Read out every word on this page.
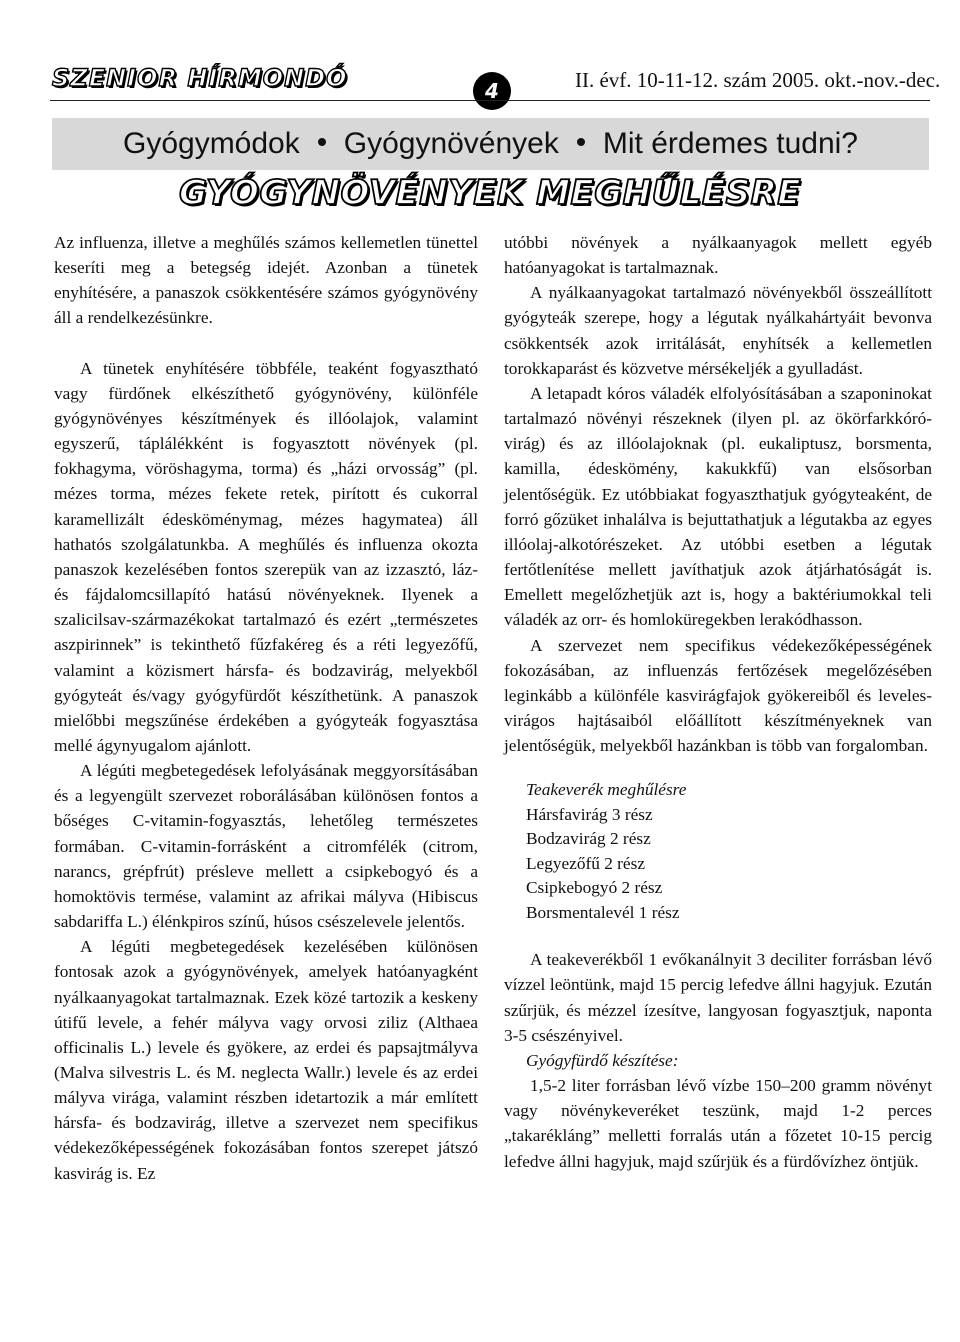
SZENIOR HÍRMONDÓ	4	II. évf. 10-11-12. szám 2005. okt.-nov.-dec.
Gyógymódok Gyógynövények Mit érdemes tudni?
GYÓGYNÖVÉNYEK MEGHŰLÉSRE

Az influenza, illetve a meghűlés számos kellemetlen tünettel keseríti meg a betegség idejét. Azonban a tünetek enyhítésére, a panaszok csökkentésére számos gyógynövény áll a rendelkezésünkre.

A tünetek enyhítésére többféle, teaként fogyasztható vagy fürdőnek elkészíthető gyógynövény, különféle gyógynövényes készítmények és illóolajok, valamint egyszerű, táplálékként is fogyasztott növények (pl. fokhagyma, vöröshagyma, torma) és „házi orvosság” (pl. mézes torma, mézes fekete retek, pirított és cukorral karamellizált édesköménymag, mézes hagymatea) áll hathatós szolgálatunkba. A meghűlés és influenza okozta panaszok kezelésében fontos szerepük van az izzasztó, láz- és fájdalomcsillapító hatású növényeknek. Ilyenek a szalicilsav-származékokat tartalmazó és ezért „természetes aszpirinnek” is tekinthető fűzfakéreg és a réti legyezőfű, valamint a közismert hársfa- és bodzavirág, melyekből gyógyteát és/vagy gyógyfürdőt készíthetünk. A panaszok mielőbbi megszűnése érdekében a gyógyteák fogyasztása mellé ágynyugalom ajánlott.

A légúti megbetegedések lefolyásának meggyorsításában és a legyengült szervezet roborálásában különösen fontos a bőséges C-vitamin-fogyasztás, lehetőleg természetes formában. C-vitamin-forrásként a citromfélék (citrom, narancs, grépfrút) présleve mellett a csipkebogyó és a homoktövis termése, valamint az afrikai mályva (Hibiscus sabdariffa L.) élénkpiros színű, húsos csészelevele jelentős.

A légúti megbetegedések kezelésében különösen fontosak azok a gyógynövények, amelyek hatóanyagként nyálkaanyagokat tartalmaznak. Ezek közé tartozik a keskeny útifű levele, a fehér mályva vagy orvosi ziliz (Althaea officinalis L.) levele és gyökere, az erdei és papsajtmályva (Malva silvestris L. és M. neglecta Wallr.) levele és az erdei mályva virága, valamint részben idetartozik a már említett hársfa- és bodzavirág, illetve a szervezet nem specifikus védekezőképességének fokozásában fontos szerepet játszó kasvirág is. Ez

utóbbi növények a nyálkaanyagok mellett egyéb hatóanyagokat is tartalmaznak.

A nyálkaanyagokat tartalmazó növényekből összeállított gyógyteák szerepe, hogy a légutak nyálkahártyáit bevonva csökkentsék azok irritálását, enyhítsék a kellemetlen torokkaparást és közvetve mérsékeljék a gyulladást.

A letapadt kóros váladék elfolyósításában a szaponinokat tartalmazó növényi részeknek (ilyen pl. az ökörfarkkóró-virág) és az illóolajoknak (pl. eukaliptusz, borsmenta, kamilla, édeskömény, kakukkfű) van elsősorban jelentőségük. Ez utóbbiakat fogyaszthatjuk gyógyteaként, de forró gőzüket inhalálva is bejuttathatjuk a légutakba az egyes illóolaj-alkotórészeket. Az utóbbi esetben a légutak fertőtlenítése mellett javíthatjuk azok átjárhatóságát is. Emellett megelőzhetjük azt is, hogy a baktériumokkal teli váladék az orr- és homloküregekben lerakódhasson.

A szervezet nem specifikus védekezőképességének fokozásában, az influenzás fertőzések megelőzésében leginkább a különféle kasvirágfajok gyökereiből és leveles-virágos hajtásaiból előállított készítményeknek van jelentőségük, melyekből hazánkban is több van forgalomban.

Teakeverék meghűlésre
Hársfavirág 3 rész
Bodzavirág 2 rész
Legyezőfű 2 rész
Csipkebogyó 2 rész
Borsmentalevél 1 rész

A teakeverékből 1 evőkanálnyit 3 deciliter forrásban lévő vízzel leöntünk, majd 15 percig lefedve állni hagyjuk. Ezután szűrjük, és mézzel ízesítve, langyosan fogyasztjuk, naponta 3-5 csészényivel.

Gyógyfürdő készítése:

1,5-2 liter forrásban lévő vízbe 150–200 gramm növényt vagy növénykeveréket teszünk, majd 1-2 perces „takarékláng” melletti forralás után a főzetet 10-15 percig lefedve állni hagyjuk, majd szűrjük és a fürdővízhez öntjük.
